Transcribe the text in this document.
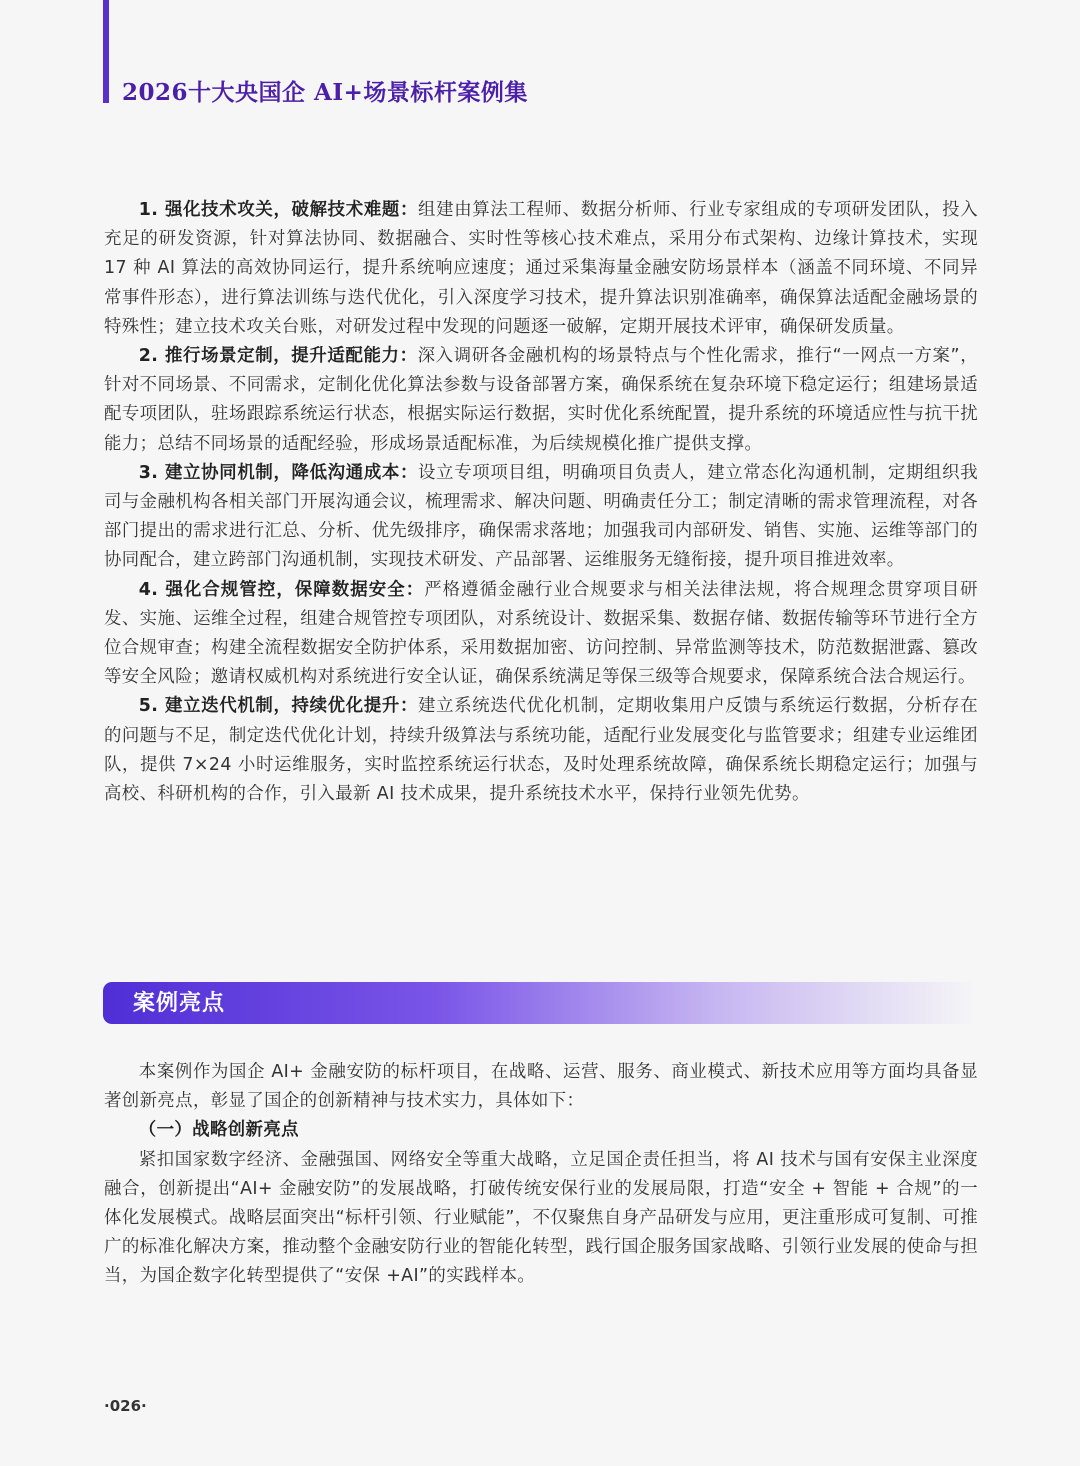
2026十大央国企 AI+场景标杆案例集

1. 强化技术攻关，破解技术难题：组建由算法工程师、数据分析师、行业专家组成的专项研发团队，投入充足的研发资源，针对算法协同、数据融合、实时性等核心技术难点，采用分布式架构、边缘计算技术，实现 17 种 AI 算法的高效协同运行，提升系统响应速度；通过采集海量金融安防场景样本（涵盖不同环境、不同异常事件形态），进行算法训练与迭代优化，引入深度学习技术，提升算法识别准确率，确保算法适配金融场景的特殊性；建立技术攻关台账，对研发过程中发现的问题逐一破解，定期开展技术评审，确保研发质量。

2. 推行场景定制，提升适配能力：深入调研各金融机构的场景特点与个性化需求，推行“一网点一方案”，针对不同场景、不同需求，定制化优化算法参数与设备部署方案，确保系统在复杂环境下稳定运行；组建场景适配专项团队，驻场跟踪系统运行状态，根据实际运行数据，实时优化系统配置，提升系统的环境适应性与抗干扰能力；总结不同场景的适配经验，形成场景适配标准，为后续规模化推广提供支撑。

3. 建立协同机制，降低沟通成本：设立专项项目组，明确项目负责人，建立常态化沟通机制，定期组织我司与金融机构各相关部门开展沟通会议，梳理需求、解决问题、明确责任分工；制定清晰的需求管理流程，对各部门提出的需求进行汇总、分析、优先级排序，确保需求落地；加强我司内部研发、销售、实施、运维等部门的协同配合，建立跨部门沟通机制，实现技术研发、产品部署、运维服务无缝衔接，提升项目推进效率。

4. 强化合规管控，保障数据安全：严格遵循金融行业合规要求与相关法律法规，将合规理念贯穿项目研发、实施、运维全过程，组建合规管控专项团队，对系统设计、数据采集、数据存储、数据传输等环节进行全方位合规审查；构建全流程数据安全防护体系，采用数据加密、访问控制、异常监测等技术，防范数据泄露、篡改等安全风险；邀请权威机构对系统进行安全认证，确保系统满足等保三级等合规要求，保障系统合法合规运行。

5. 建立迭代机制，持续优化提升：建立系统迭代优化机制，定期收集用户反馈与系统运行数据，分析存在的问题与不足，制定迭代优化计划，持续升级算法与系统功能，适配行业发展变化与监管要求；组建专业运维团队，提供 7×24 小时运维服务，实时监控系统运行状态，及时处理系统故障，确保系统长期稳定运行；加强与高校、科研机构的合作，引入最新 AI 技术成果，提升系统技术水平，保持行业领先优势。

案例亮点

本案例作为国企 AI+ 金融安防的标杆项目，在战略、运营、服务、商业模式、新技术应用等方面均具备显著创新亮点，彰显了国企的创新精神与技术实力，具体如下：

（一）战略创新亮点

紧扣国家数字经济、金融强国、网络安全等重大战略，立足国企责任担当，将 AI 技术与国有安保主业深度融合，创新提出“AI+ 金融安防”的发展战略，打破传统安保行业的发展局限，打造“安全 + 智能 + 合规”的一体化发展模式。战略层面突出“标杆引领、行业赋能”，不仅聚焦自身产品研发与应用，更注重形成可复制、可推广的标准化解决方案，推动整个金融安防行业的智能化转型，践行国企服务国家战略、引领行业发展的使命与担当，为国企数字化转型提供了“安保 +AI”的实践样本。

·026·
